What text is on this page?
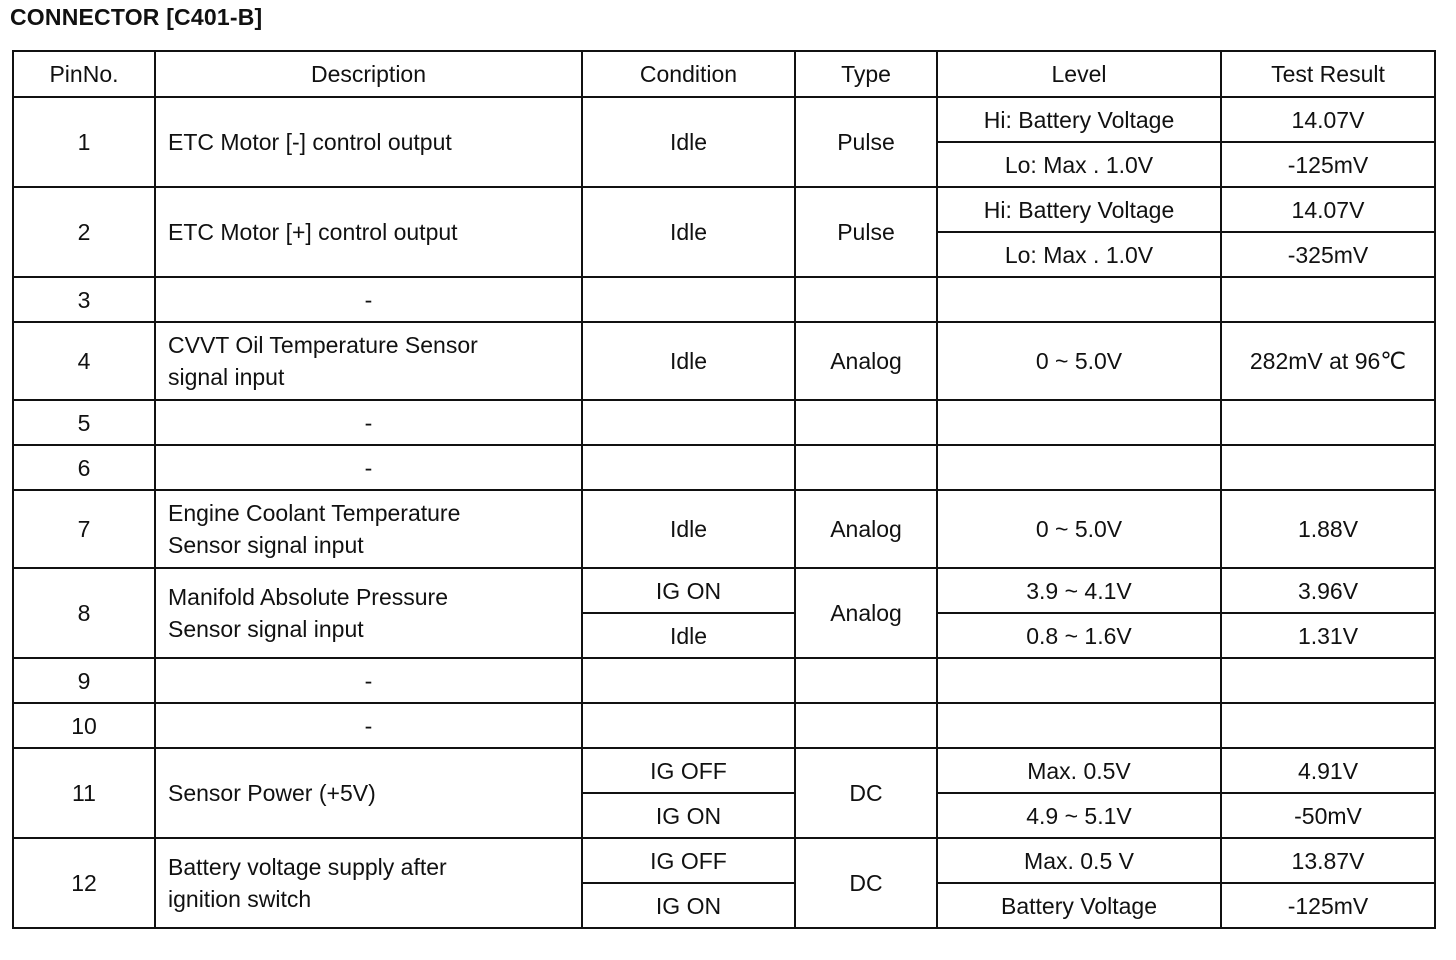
CONNECTOR [C401-B]
PinNo.	Description	Condition	Type	Level	Test Result
1	ETC Motor [-] control output	Idle	Pulse	Hi: Battery Voltage	14.07V
				Lo: Max . 1.0V	-125mV
2	ETC Motor [+] control output	Idle	Pulse	Hi: Battery Voltage	14.07V
				Lo: Max . 1.0V	-325mV
3	-				
4	CVVT Oil Temperature Sensor
signal input	Idle	Analog	0 ~ 5.0V	282mV at 96℃
5	-				
6	-				
7	Engine Coolant Temperature
Sensor signal input	Idle	Analog	0 ~ 5.0V	1.88V
8	Manifold Absolute Pressure
Sensor signal input	IG ON	Analog	3.9 ~ 4.1V	3.96V
		Idle		0.8 ~ 1.6V	1.31V
9	-				
10	-				
11	Sensor Power (+5V)	IG OFF	DC	Max. 0.5V	4.91V
		IG ON		4.9 ~ 5.1V	-50mV
12	Battery voltage supply after
ignition switch	IG OFF	DC	Max. 0.5 V	13.87V
		IG ON		Battery Voltage	-125mV
